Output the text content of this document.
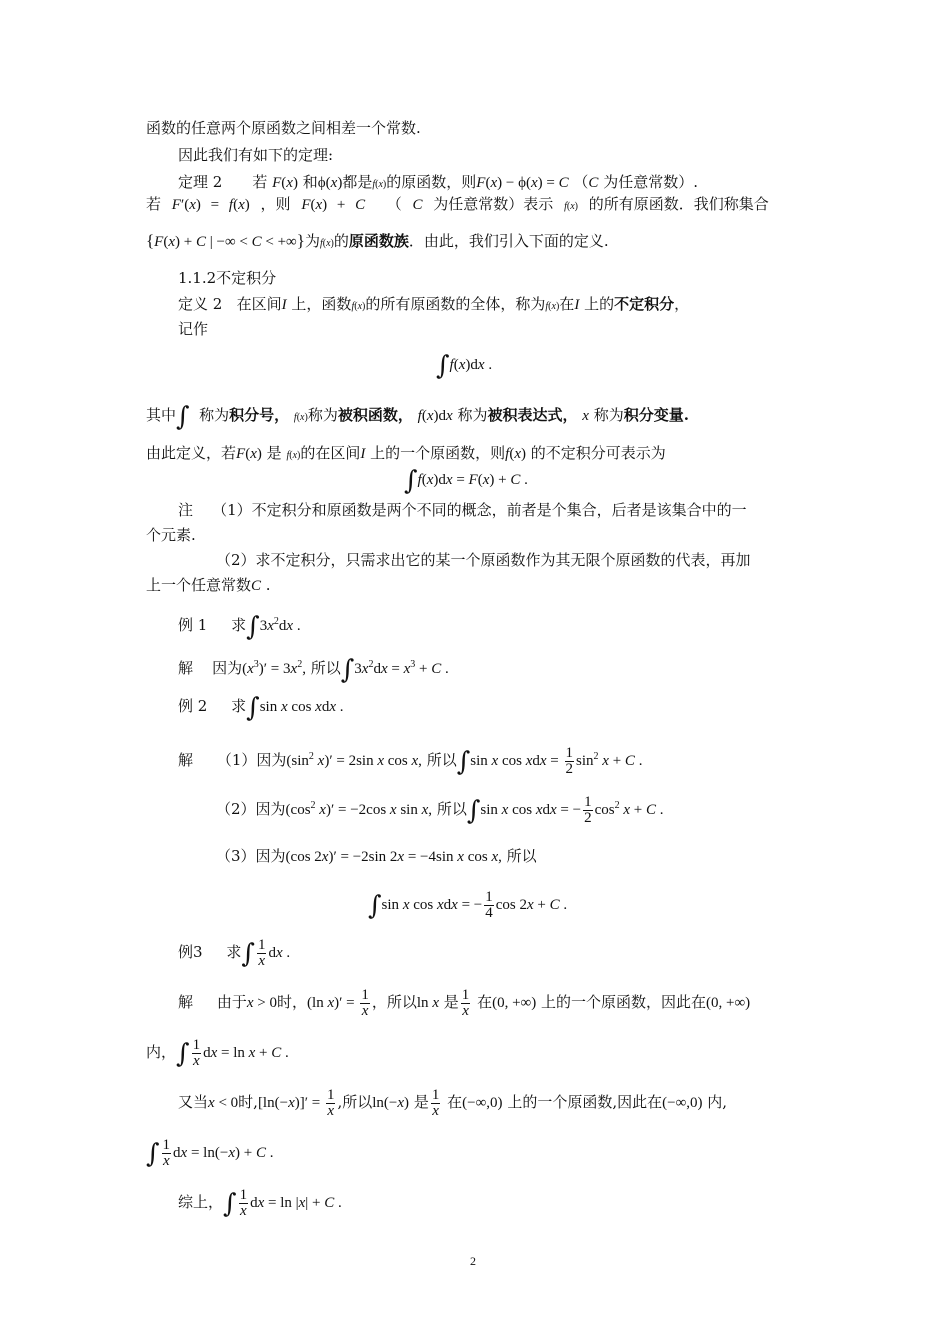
函数的任意两个原函数之间相差一个常数.
因此我们有如下的定理:
定理 2 若 F(x) 和ϕ(x)都是f(x)的原函数，则F(x) − ϕ(x) = C （C 为任意常数）.
若 F′(x) = f(x) ，则 F(x) + C （ C 为任意常数）表示 f(x) 的所有原函数．我们称集合
{F(x) + C | −∞ < C < +∞}为f(x)的原函数族．由此，我们引入下面的定义.
1.1.2不定积分
定义 2 在区间I 上，函数f(x)的所有原函数的全体，称为f(x)在I 上的不定积分，
记作
∫f(x)dx .
其中∫ 称为积分号， f(x)称为被积函数， f(x)dx 称为被积表达式， x 称为积分变量.
由此定义，若F(x) 是 f(x)的在区间I 上的一个原函数，则f(x) 的不定积分可表示为
∫f(x)dx = F(x) + C .
注 （1）不定积分和原函数是两个不同的概念，前者是个集合，后者是该集合中的一
个元素.
（2）求不定积分，只需求出它的某一个原函数作为其无限个原函数的代表，再加
上一个任意常数C .
例 1 求$\int 3x^2dx$ .
解 因为$(x^3)' = 3x^2$, 所以$\int 3x^2dx = x^3 + C$ .
例 2 求∫sin x cos xdx .
解 （1）因为($\sin^2$ x)′ = 2sin x cos x, 所以∫sin x cos xdx = $\frac{1}{2} \sin^2 x + C$ .
（2）因为($\cos^2$ x)′ = −2cos x sin x, 所以∫sin x cos xdx = − $\frac{1}{2} \cos^2 x + C$ .
（3）因为(cos 2x)′ = −2sin 2x = −4sin x cos x, 所以
∫sin x cos xdx = − $\frac{1}{4}$ cos 2x + C .
例3 求∫ $\frac{1}{x}$ dx .
解 由于x > 0时，(ln $x)' = \frac{1}{x}$ ，所以ln x 是 $\frac{1}{x}$ 在(0, +∞) 上的一个原函数，因此在(0, +∞)
内，∫ $\frac{1}{x}$ dx = ln x + C .
又当x < 0时$,[\ln(-x)]' = \frac{1}{x}$ ,所以ln(−x) 是 $\frac{1}{x}$ 在(−∞,0) 上的一个原函数,因此在(−∞,0) 内,
∫ $\frac{1}{x}$ dx = ln(−x) + C .
综上，∫ $\frac{1}{x}$ dx = ln |x| + C .
2
